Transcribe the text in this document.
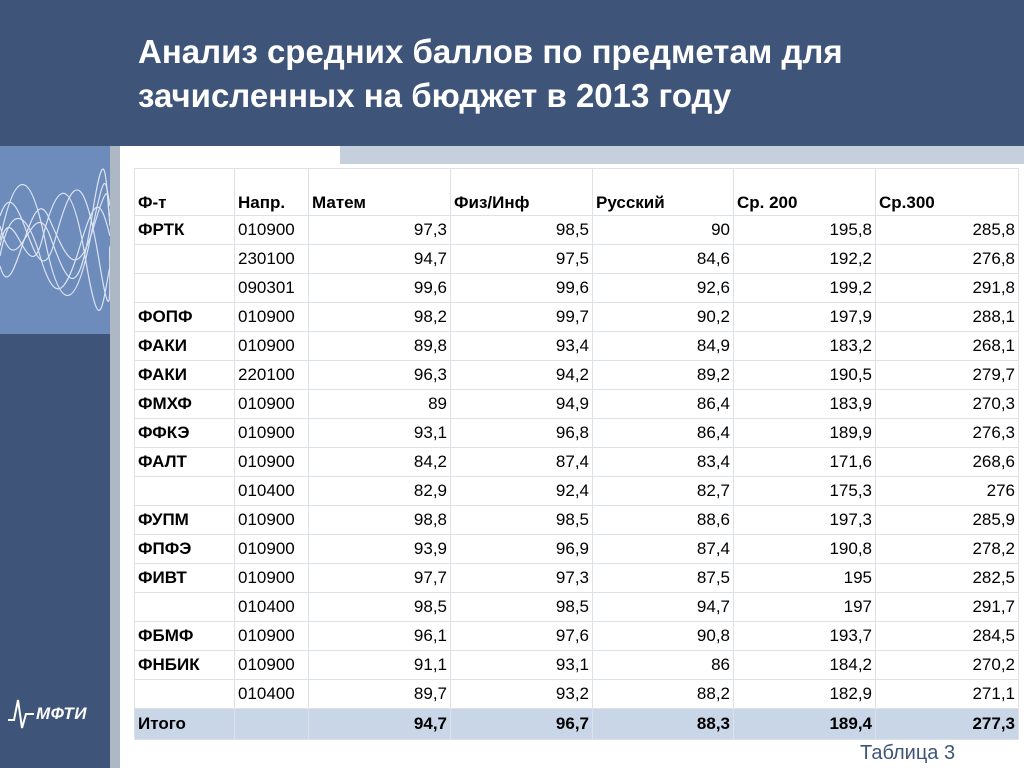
Анализ средних баллов по предметам для зачисленных на бюджет в 2013 году
МФТИ
Ф-т	Напр.	Матем	Физ/Инф	Русский	Ср. 200	Ср.300
ФРТК	010900	97,3	98,5	90	195,8	285,8
	230100	94,7	97,5	84,6	192,2	276,8
	090301	99,6	99,6	92,6	199,2	291,8
ФОПФ	010900	98,2	99,7	90,2	197,9	288,1
ФАКИ	010900	89,8	93,4	84,9	183,2	268,1
ФАКИ	220100	96,3	94,2	89,2	190,5	279,7
ФМХФ	010900	89	94,9	86,4	183,9	270,3
ФФКЭ	010900	93,1	96,8	86,4	189,9	276,3
ФАЛТ	010900	84,2	87,4	83,4	171,6	268,6
	010400	82,9	92,4	82,7	175,3	276
ФУПМ	010900	98,8	98,5	88,6	197,3	285,9
ФПФЭ	010900	93,9	96,9	87,4	190,8	278,2
ФИВТ	010900	97,7	97,3	87,5	195	282,5
	010400	98,5	98,5	94,7	197	291,7
ФБМФ	010900	96,1	97,6	90,8	193,7	284,5
ФНБИК	010900	91,1	93,1	86	184,2	270,2
	010400	89,7	93,2	88,2	182,9	271,1
Итого		94,7	96,7	88,3	189,4	277,3
Таблица 3
